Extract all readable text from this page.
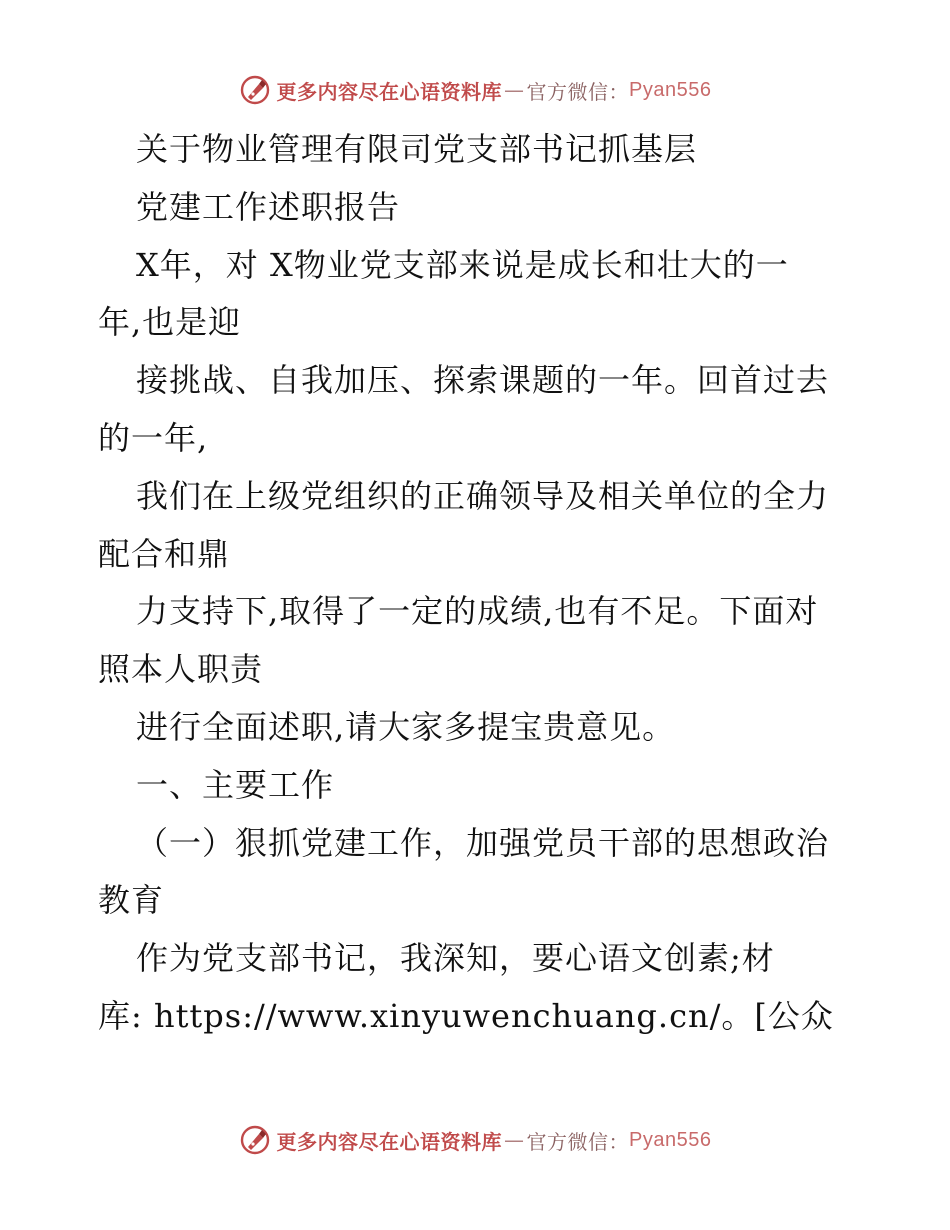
更多内容尽在心语资料库 — 官方微信： Pyan556
关于物业管理有限司党支部书记抓基层
党建工作述职报告
X年，对 X物业党支部来说是成长和壮大的一
年,也是迎
接挑战、自我加压、探索课题的一年。回首过去
的一年,
我们在上级党组织的正确领导及相关单位的全力
配合和鼎
力支持下,取得了一定的成绩,也有不足。下面对
照本人职责
进行全面述职,请大家多提宝贵意见。
一、主要工作
（一）狠抓党建工作，加强党员干部的思想政治
教育
作为党支部书记，我深知，要心语文创素;材
库: https://www.xinyuwenchuang.cn/。[公众
更多内容尽在心语资料库 — 官方微信： Pyan556
